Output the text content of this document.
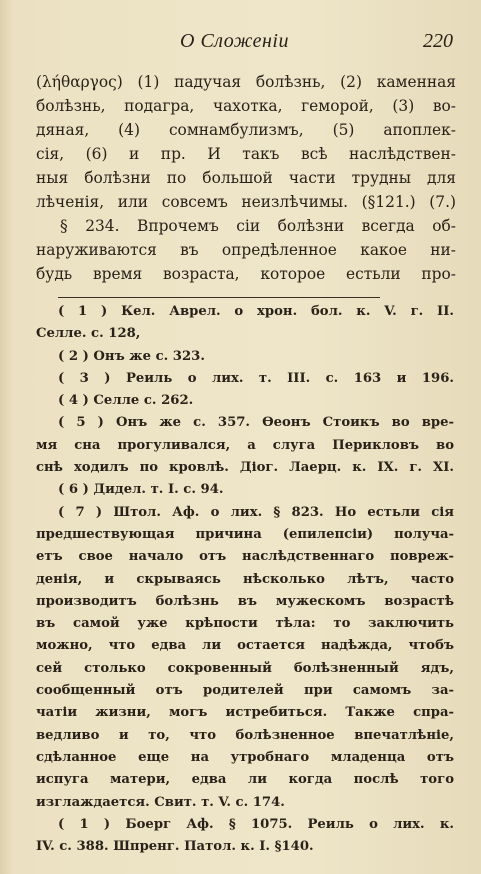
О Сложеніи	220
(λήθαργος) (1) падучая болѣзнь, (2) каменная
болѣзнь, подагра, чахотка, геморой, (3) во-
дяная, (4) сомнамбулизмъ, (5) апоплек-
сія, (6) и пр. И такъ всѣ наслѣдствен-
ныя болѣзни по большой части трудны для
лѣченія, или совсемъ неизлѣчимы. (§121.) (7.)
§ 234. Впрочемъ сіи болѣзни всегда об-
наруживаются въ опредѣленное какое ни-
будь время возраста, которое естьли про-
( 1 ) Кел. Аврел. о хрон. бол. к. V. г. II.
Селле. с. 128,
( 2 ) Онъ же с. 323.
( 3 ) Реиль о лих. т. III. с. 163 и 196.
( 4 ) Селле с. 262.
( 5 ) Онъ же с. 357. Ѳеонъ Стоикъ во вре-
мя сна прогуливался, а слуга Перикловъ во
снѣ ходилъ по кровлѣ. Діог. Лаерц. к. IX. г. XI.
( 6 ) Дидел. т. I. с. 94.
( 7 ) Штол. Аф. о лих. § 823. Но естьли сія
предшествующая причина (епилепсіи) получа-
етъ свое начало отъ наслѣдственнаго повреж-
денія, и скрываясь нѣсколько лѣтъ, часто
производитъ болѣзнь въ мужескомъ возрастѣ
въ самой уже крѣпости тѣла: то заключить
можно, что едва ли остается надѣжда, чтобъ
сей столько сокровенный болѣзненный ядъ,
сообщенный отъ родителей при самомъ за-
чатіи жизни, могъ истребиться. Также спра-
ведливо и то, что болѣзненное впечатлѣніе,
сдѣланное еще на утробнаго младенца отъ
испуга матери, едва ли когда послѣ того
изглаждается. Свит. т. V. с. 174.
( 1 ) Боерг Аф. § 1075. Реиль о лих. к.
IV. с. 388. Шпренг. Патол. к. I. §140.
